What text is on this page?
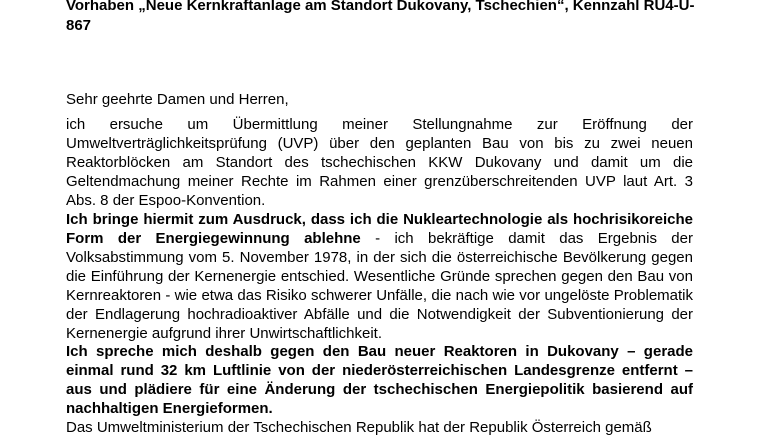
Vorhaben „Neue Kernkraftanlage am Standort Dukovany, Tschechien“, Kennzahl RU4-U-867

Sehr geehrte Damen und Herren,

ich ersuche um Übermittlung meiner Stellungnahme zur Eröffnung der Umweltverträglichkeitsprüfung (UVP) über den geplanten Bau von bis zu zwei neuen Reaktorblöcken am Standort des tschechischen KKW Dukovany und damit um die Geltendmachung meiner Rechte im Rahmen einer grenzüberschreitenden UVP laut Art. 3 Abs. 8 der Espoo-Konvention.

Ich bringe hiermit zum Ausdruck, dass ich die Nukleartechnologie als hochrisikoreiche Form der Energiegewinnung ablehne - ich bekräftige damit das Ergebnis der Volksabstimmung vom 5. November 1978, in der sich die österreichische Bevölkerung gegen die Einführung der Kernenergie entschied. Wesentliche Gründe sprechen gegen den Bau von Kernreaktoren - wie etwa das Risiko schwerer Unfälle, die nach wie vor ungelöste Problematik der Endlagerung hochradioaktiver Abfälle und die Notwendigkeit der Subventionierung der Kernenergie aufgrund ihrer Unwirtschaftlichkeit.

Ich spreche mich deshalb gegen den Bau neuer Reaktoren in Dukovany – gerade einmal rund 32 km Luftlinie von der niederösterreichischen Landesgrenze entfernt – aus und plädiere für eine Änderung der tschechischen Energiepolitik basierend auf nachhaltigen Energieformen.

Das Umweltministerium der Tschechischen Republik hat der Republik Österreich gemäß
